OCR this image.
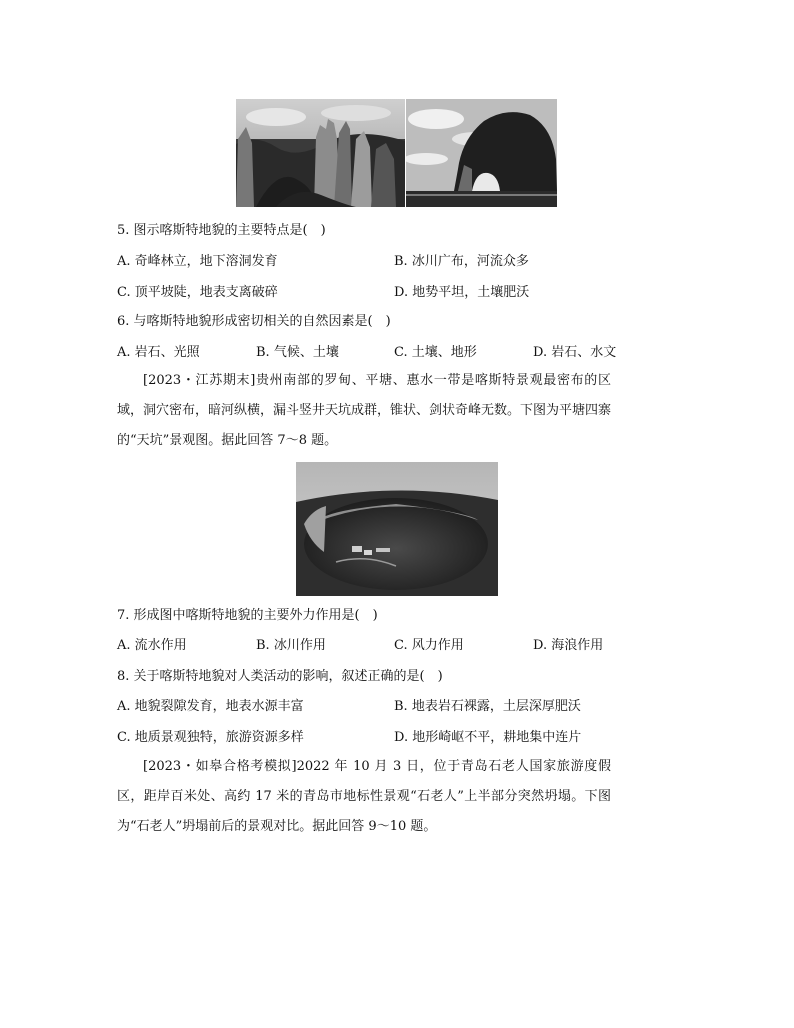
5. 图示喀斯特地貌的主要特点是(　)
A. 奇峰林立，地下溶洞发育	B. 冰川广布，河流众多
C. 顶平坡陡，地表支离破碎	D. 地势平坦，土壤肥沃
6. 与喀斯特地貌形成密切相关的自然因素是(　)
A. 岩石、光照	B. 气候、土壤	C. 土壤、地形	D. 岩石、水文
[2023・江苏期末]贵州南部的罗甸、平塘、惠水一带是喀斯特景观最密布的区域，洞穴密布，暗河纵横，漏斗竖井天坑成群，锥状、剑状奇峰无数。下图为平塘四寨的“天坑”景观图。据此回答 7～8 题。
7. 形成图中喀斯特地貌的主要外力作用是(　)
A. 流水作用	B. 冰川作用	C. 风力作用	D. 海浪作用
8. 关于喀斯特地貌对人类活动的影响，叙述正确的是(　)
A. 地貌裂隙发育，地表水源丰富	B. 地表岩石裸露，土层深厚肥沃
C. 地质景观独特，旅游资源多样	D. 地形崎岖不平，耕地集中连片
[2023・如皋合格考模拟]2022 年 10 月 3 日，位于青岛石老人国家旅游度假区，距岸百米处、高约 17 米的青岛市地标性景观“石老人”上半部分突然坍塌。下图为“石老人”坍塌前后的景观对比。据此回答 9～10 题。
